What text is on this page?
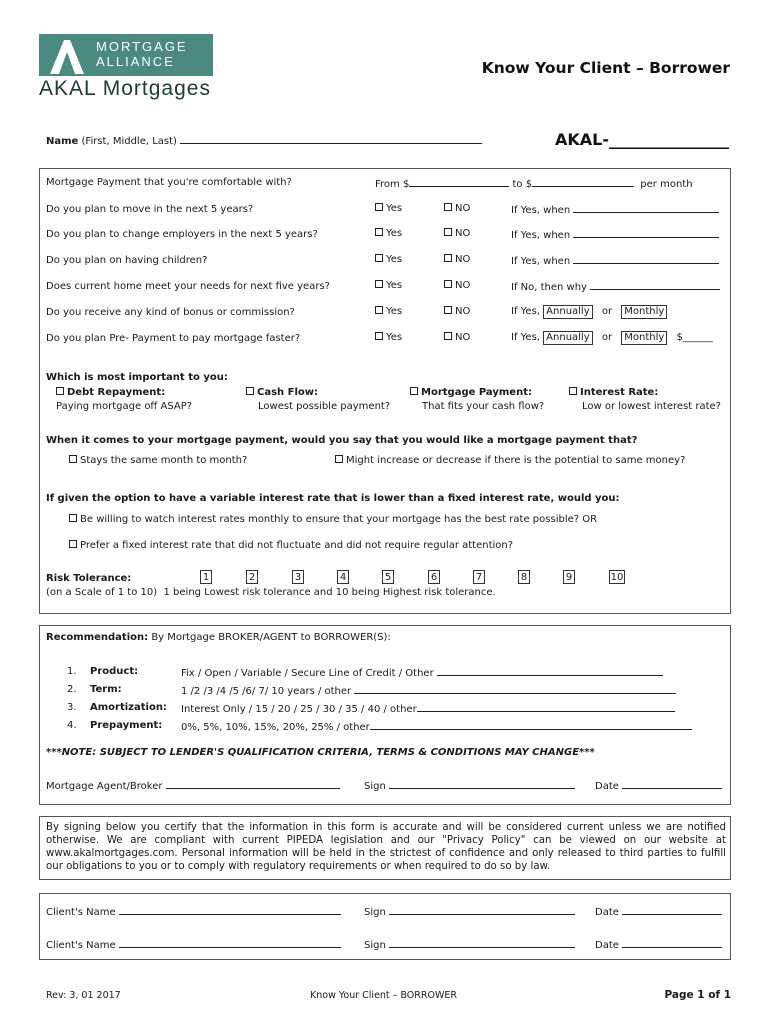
MORTGAGE
ALLIANCE
AKAL Mortgages
Know Your Client – Borrower
AKAL-_______________
Name (First, Middle, Last)
Mortgage Payment that you're comfortable with?	From $	to $	per month
Do you plan to move in the next 5 years?	Yes	NO	If Yes, when
Do you plan to change employers in the next 5 years?	Yes	NO	If Yes, when
Do you plan on having children?	Yes	NO	If Yes, when
Does current home meet your needs for next five years?	Yes	NO	If No, then why
Do you receive any kind of bonus or commission?	Yes	NO	If Yes, Annually or Monthly
Do you plan Pre- Payment to pay mortgage faster?	Yes	NO	If Yes, Annually or Monthly $______
Which is most important to you:
Debt Repayment:
Paying mortgage off ASAP?
Cash Flow:
Lowest possible payment?
Mortgage Payment:
That fits your cash flow?
Interest Rate:
Low or lowest interest rate?
When it comes to your mortgage payment, would you say that you would like a mortgage payment that?
Stays the same month to month?	Might increase or decrease if there is the potential to same money?
If given the option to have a variable interest rate that is lower than a fixed interest rate, would you:
Be willing to watch interest rates monthly to ensure that your mortgage has the best rate possible? OR
Prefer a fixed interest rate that did not fluctuate and did not require regular attention?
Risk Tolerance:	1	2	3	4	5	6	7	8	9	10
(on a Scale of 1 to 10) 1 being Lowest risk tolerance and 10 being Highest risk tolerance.
Recommendation: By Mortgage BROKER/AGENT to BORROWER(S):
1. Product:	Fix / Open / Variable / Secure Line of Credit / Other
2. Term:	1 /2 /3 /4 /5 /6/ 7/ 10 years / other
3. Amortization: Interest Only / 15 / 20 / 25 / 30 / 35 / 40 / other
4. Prepayment: 0%, 5%, 10%, 15%, 20%, 25% / other
***NOTE: SUBJECT TO LENDER'S QUALIFICATION CRITERIA, TERMS & CONDITIONS MAY CHANGE***
Mortgage Agent/Broker	Sign	Date
By signing below you certify that the information in this form is accurate and will be considered current unless we are notified otherwise. We are compliant with current PIPEDA legislation and our "Privacy Policy" can be viewed on our website at www.akalmortgages.com. Personal information will be held in the strictest of confidence and only released to third parties to fulfill our obligations to you or to comply with regulatory requirements or when required to do so by law.
Client's Name	Sign	Date
Client's Name	Sign	Date
Rev: 3, 01 2017	Know Your Client – BORROWER	Page 1 of 1
